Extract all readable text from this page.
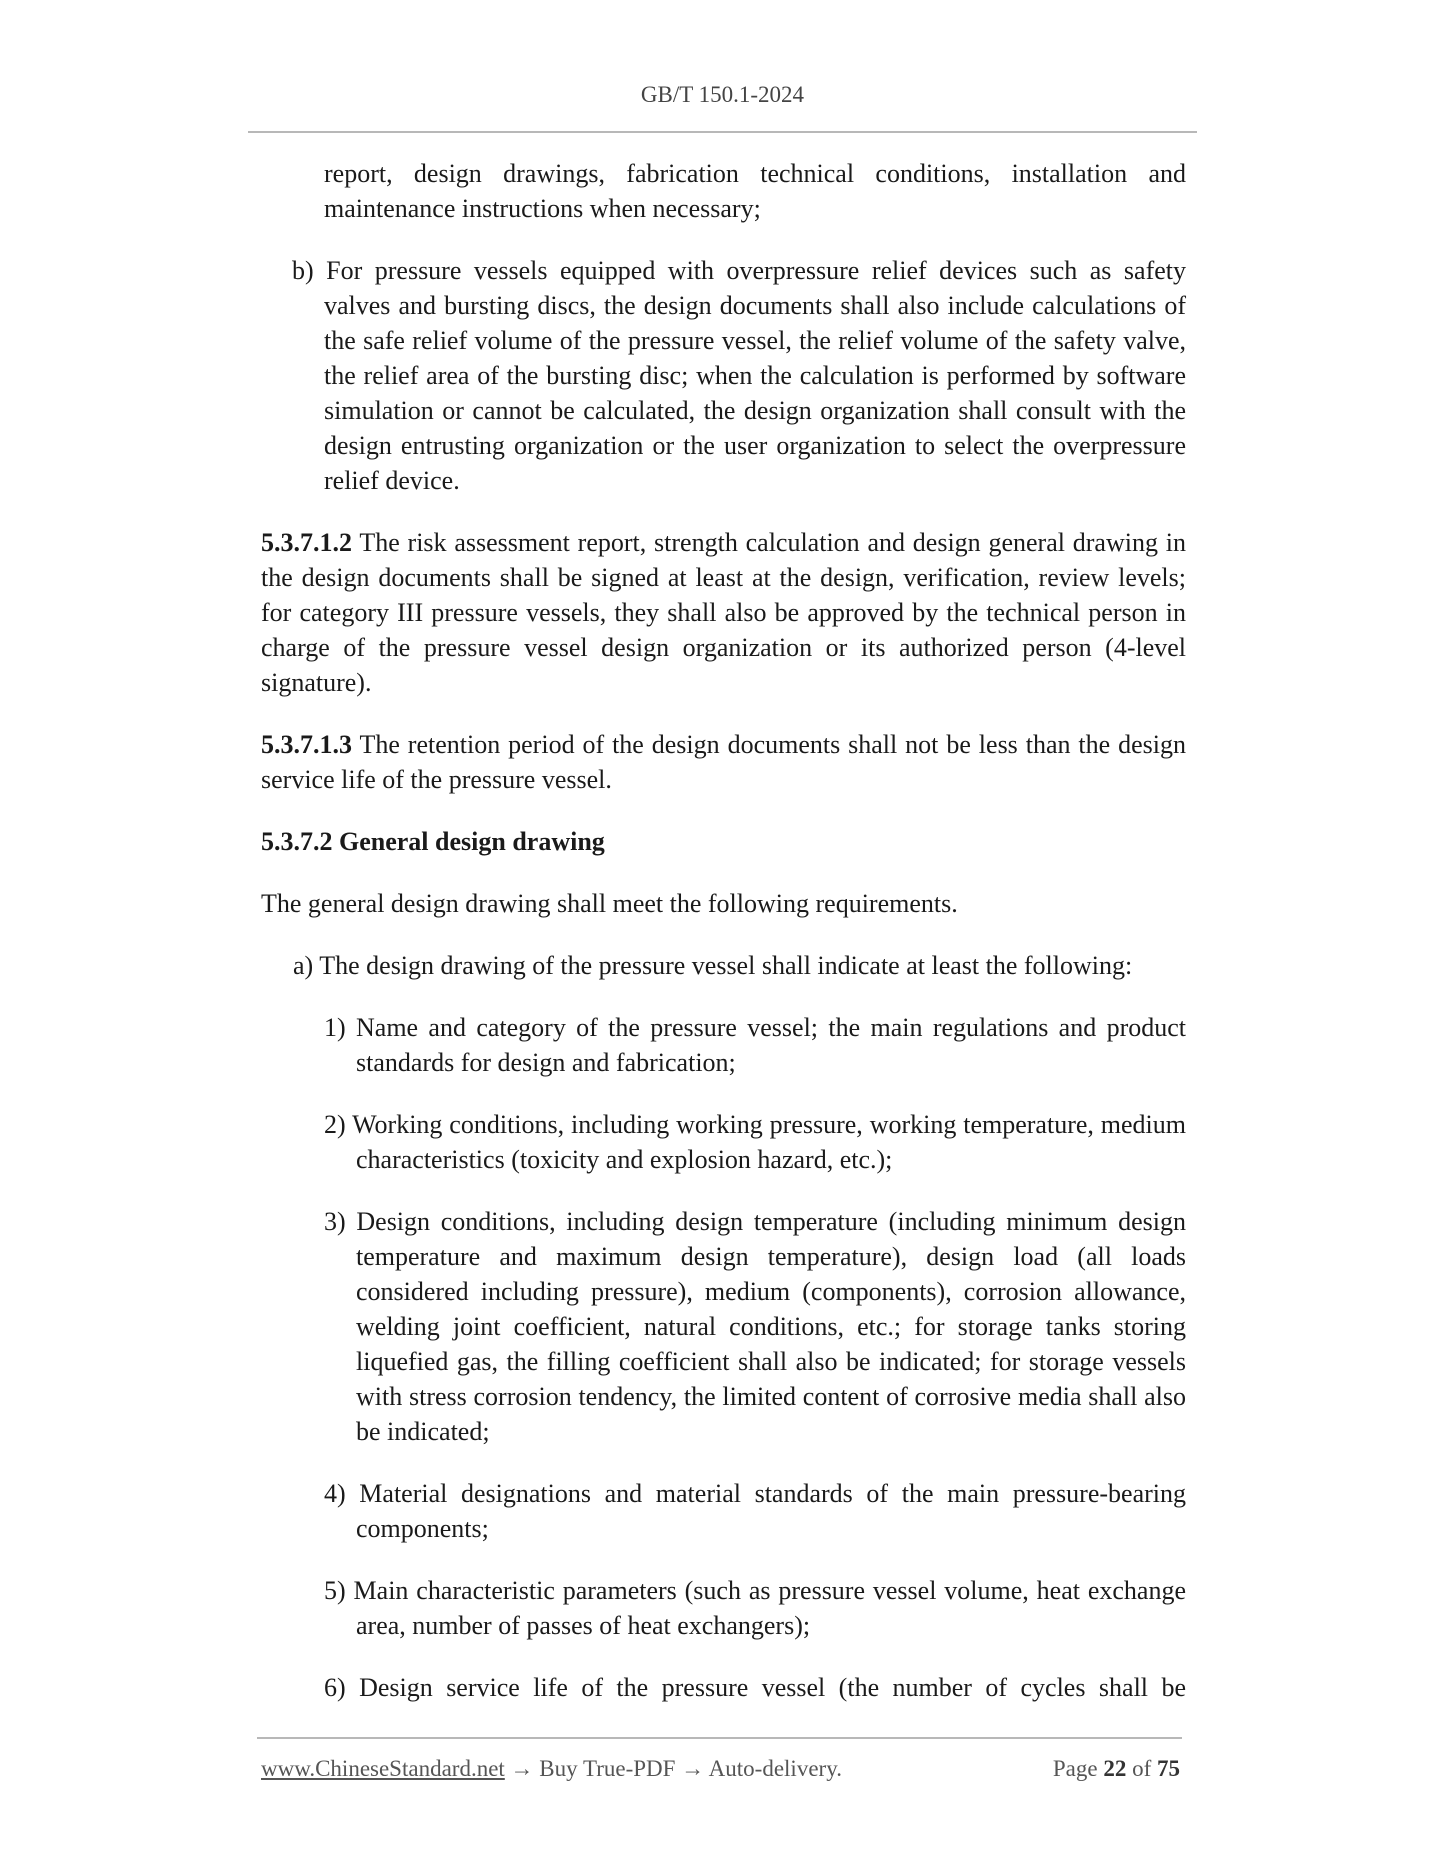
GB/T 150.1-2024

report, design drawings, fabrication technical conditions, installation and maintenance instructions when necessary;

b) For pressure vessels equipped with overpressure relief devices such as safety valves and bursting discs, the design documents shall also include calculations of the safe relief volume of the pressure vessel, the relief volume of the safety valve, the relief area of the bursting disc; when the calculation is performed by software simulation or cannot be calculated, the design organization shall consult with the design entrusting organization or the user organization to select the overpressure relief device.

5.3.7.1.2 The risk assessment report, strength calculation and design general drawing in the design documents shall be signed at least at the design, verification, review levels; for category III pressure vessels, they shall also be approved by the technical person in charge of the pressure vessel design organization or its authorized person (4-level signature).

5.3.7.1.3 The retention period of the design documents shall not be less than the design service life of the pressure vessel.

5.3.7.2 General design drawing

The general design drawing shall meet the following requirements.

a) The design drawing of the pressure vessel shall indicate at least the following:

1) Name and category of the pressure vessel; the main regulations and product standards for design and fabrication;

2) Working conditions, including working pressure, working temperature, medium characteristics (toxicity and explosion hazard, etc.);

3) Design conditions, including design temperature (including minimum design temperature and maximum design temperature), design load (all loads considered including pressure), medium (components), corrosion allowance, welding joint coefficient, natural conditions, etc.; for storage tanks storing liquefied gas, the filling coefficient shall also be indicated; for storage vessels with stress corrosion tendency, the limited content of corrosive media shall also be indicated;

4) Material designations and material standards of the main pressure-bearing components;

5) Main characteristic parameters (such as pressure vessel volume, heat exchange area, number of passes of heat exchangers);

6) Design service life of the pressure vessel (the number of cycles shall be

www.ChineseStandard.net → Buy True-PDF → Auto-delivery.	Page 22 of 75
